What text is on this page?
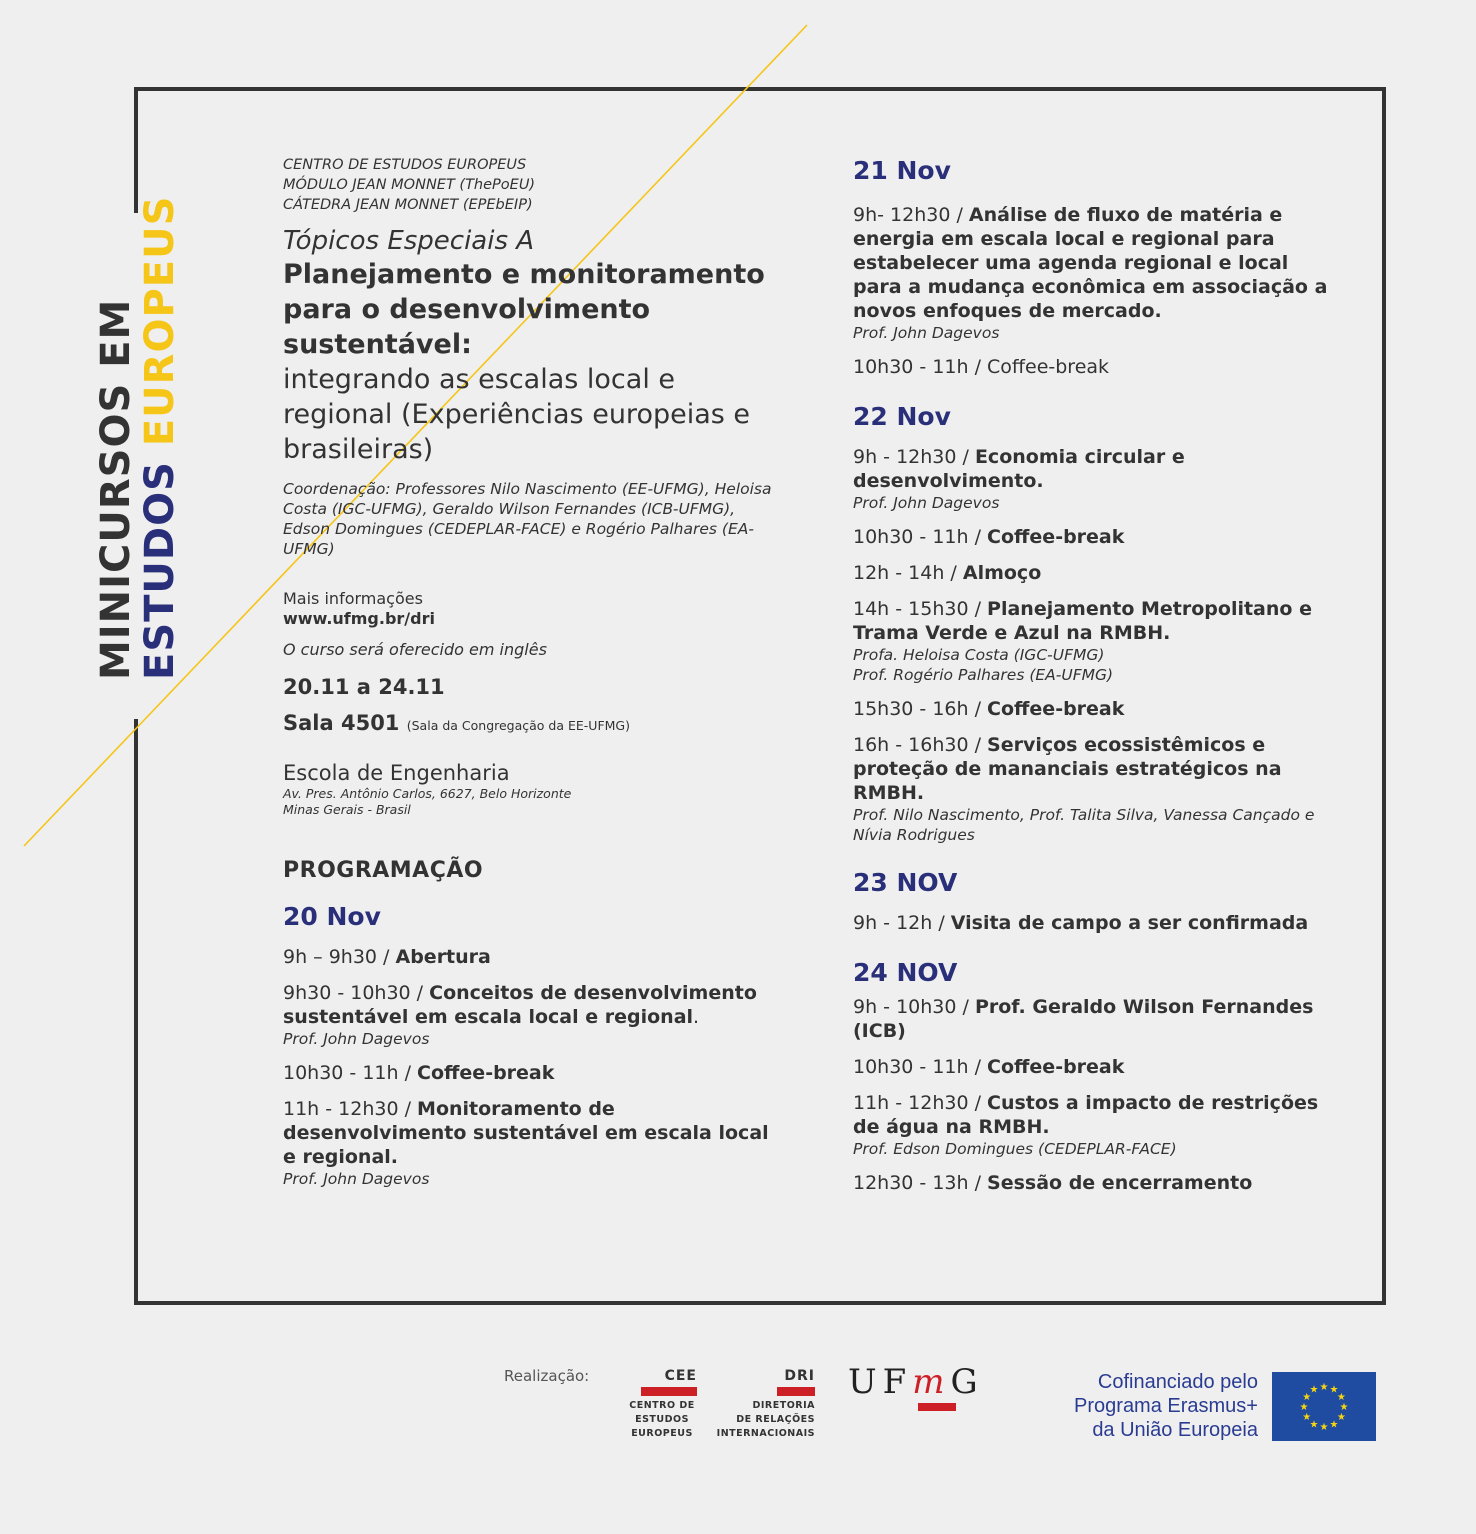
MINICURSOS EM
ESTUDOS EUROPEUS
CENTRO DE ESTUDOS EUROPEUS
MÓDULO JEAN MONNET (ThePoEU)
CÁTEDRA JEAN MONNET (EPEbEIP)
Tópicos Especiais A
Planejamento e monitoramento para o desenvolvimento sustentável:
integrando as escalas local e regional (Experiências europeias e brasileiras)
Coordenação: Professores Nilo Nascimento (EE-UFMG), Heloisa Costa (IGC-UFMG), Geraldo Wilson Fernandes (ICB-UFMG), Edson Domingues (CEDEPLAR-FACE) e Rogério Palhares (EA-UFMG)
Mais informações
www.ufmg.br/dri
O curso será oferecido em inglês
20.11 a 24.11
Sala 4501 (Sala da Congregação da EE-UFMG)
Escola de Engenharia
Av. Pres. Antônio Carlos, 6627, Belo Horizonte
Minas Gerais - Brasil
PROGRAMAÇÃO
20 Nov
9h – 9h30 / Abertura
9h30 - 10h30 / Conceitos de desenvolvimento sustentável em escala local e regional.
Prof. John Dagevos
10h30 - 11h / Coffee-break
11h - 12h30 / Monitoramento de desenvolvimento sustentável em escala local e regional.
Prof. John Dagevos
21 Nov
9h- 12h30 / Análise de fluxo de matéria e energia em escala local e regional para estabelecer uma agenda regional e local para a mudança econômica em associação a novos enfoques de mercado.
Prof. John Dagevos
10h30 - 11h / Coffee-break
22 Nov
9h - 12h30 / Economia circular e desenvolvimento.
Prof. John Dagevos
10h30 - 11h / Coffee-break
12h - 14h / Almoço
14h - 15h30 / Planejamento Metropolitano e Trama Verde e Azul na RMBH.
Profa. Heloisa Costa (IGC-UFMG)
Prof. Rogério Palhares (EA-UFMG)
15h30 - 16h / Coffee-break
16h - 16h30 / Serviços ecossistêmicos e proteção de mananciais estratégicos na RMBH.
Prof. Nilo Nascimento, Prof. Talita Silva, Vanessa Cançado e Nívia Rodrigues
23 NOV
9h - 12h / Visita de campo a ser confirmada
24 NOV
9h - 10h30 / Prof. Geraldo Wilson Fernandes (ICB)
10h30 - 11h / Coffee-break
11h - 12h30 / Custos a impacto de restrições de água na RMBH.
Prof. Edson Domingues (CEDEPLAR-FACE)
12h30 - 13h / Sessão de encerramento
Realização:	CEE
CENTRO DE
ESTUDOS
EUROPEUS
DRI
DIRETORIA
DE RELAÇÕES
INTERNACIONAIS
UFmG	Cofinanciado pelo
Programa Erasmus+
da União Europeia
★ ★
★
★
★
★
★
★
★
★
★
★
